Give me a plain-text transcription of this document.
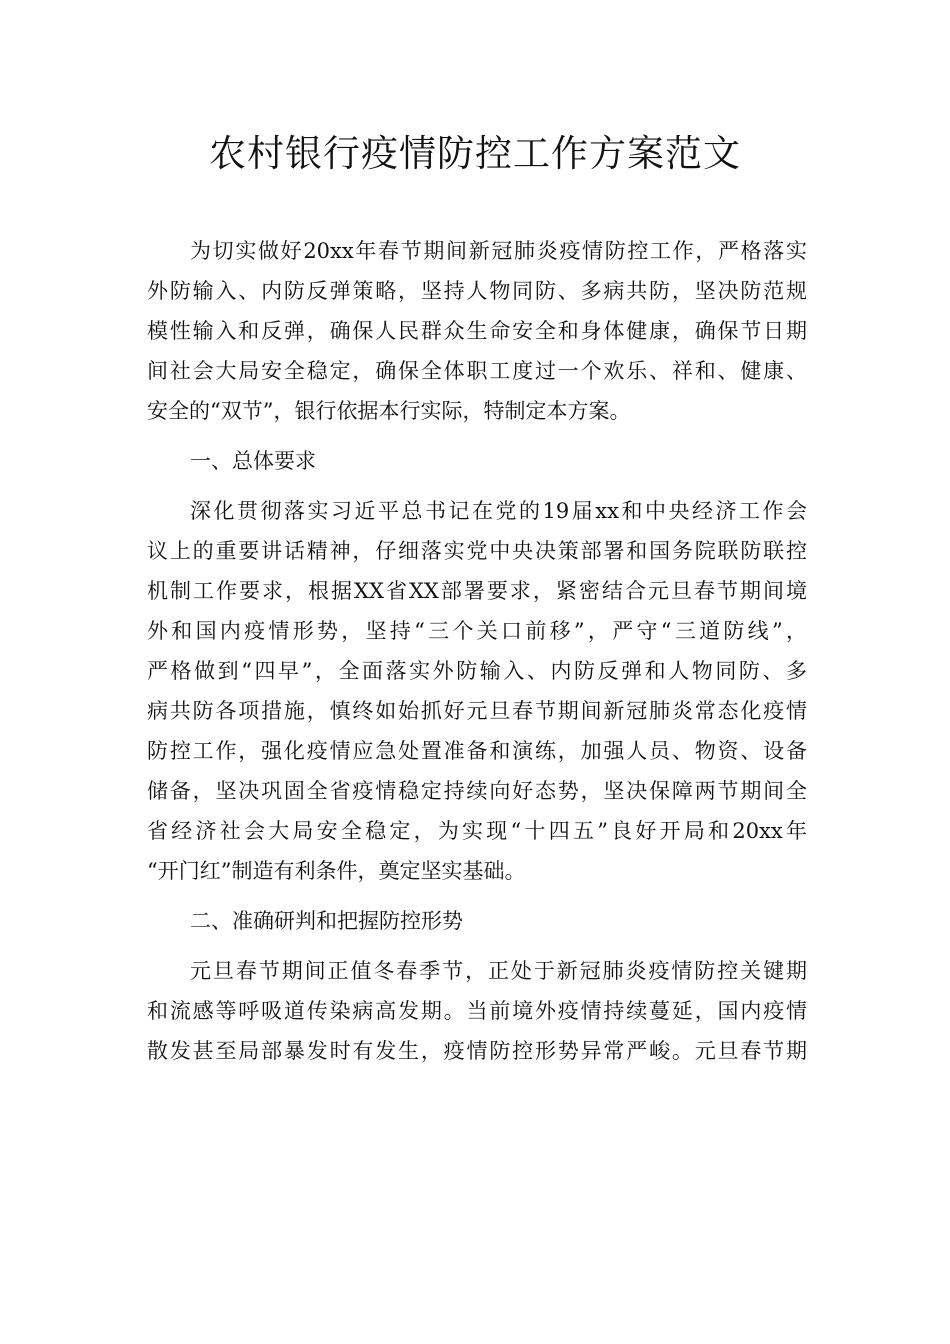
农村银行疫情防控工作方案范文
为切实做好20xx年春节期间新冠肺炎疫情防控工作，严格落实
外防输入、内防反弹策略，坚持人物同防、多病共防，坚决防范规
模性输入和反弹，确保人民群众生命安全和身体健康，确保节日期
间社会大局安全稳定，确保全体职工度过一个欢乐、祥和、健康、
安全的“双节”，银行依据本行实际，特制定本方案。
一、总体要求
深化贯彻落实习近平总书记在党的19届xx和中央经济工作会
议上的重要讲话精神，仔细落实党中央决策部署和国务院联防联控
机制工作要求，根据XX省XX部署要求，紧密结合元旦春节期间境
外和国内疫情形势，坚持“三个关口前移”，严守“三道防线”，
严格做到“四早”，全面落实外防输入、内防反弹和人物同防、多
病共防各项措施，慎终如始抓好元旦春节期间新冠肺炎常态化疫情
防控工作，强化疫情应急处置准备和演练，加强人员、物资、设备
储备，坚决巩固全省疫情稳定持续向好态势，坚决保障两节期间全
省经济社会大局安全稳定，为实现“十四五”良好开局和20xx年
“开门红”制造有利条件，奠定坚实基础。
二、准确研判和把握防控形势
元旦春节期间正值冬春季节，正处于新冠肺炎疫情防控关键期
和流感等呼吸道传染病高发期。当前境外疫情持续蔓延，国内疫情
散发甚至局部暴发时有发生，疫情防控形势异常严峻。元旦春节期
